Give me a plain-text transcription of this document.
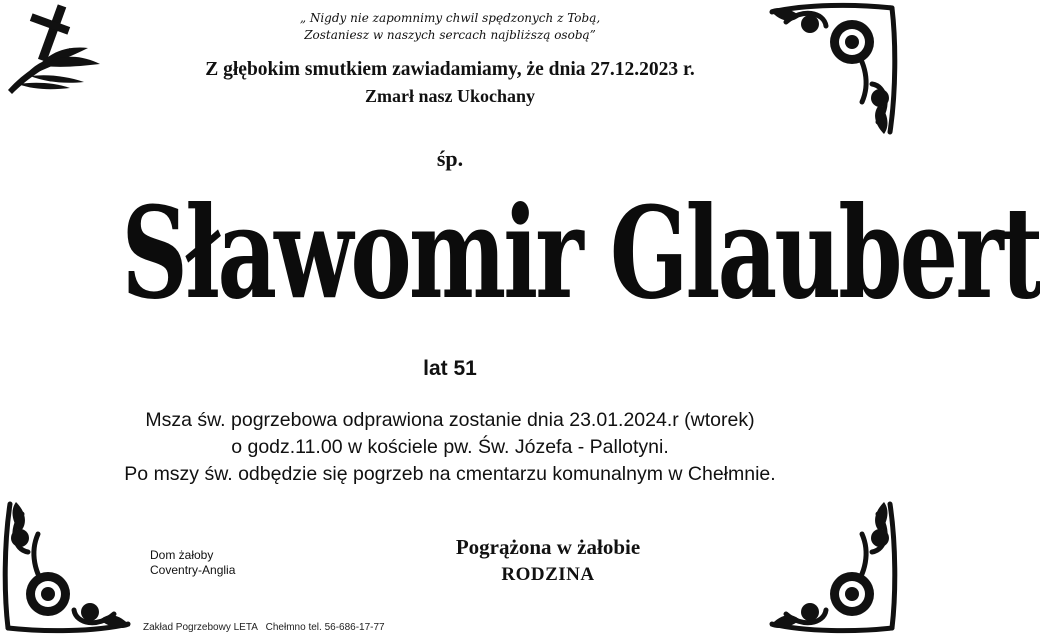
„ Nigdy nie zapomnimy chwil spędzonych z Tobą,
Zostaniesz w naszych sercach najbliższą osobą”
Z głębokim smutkiem zawiadamiamy, że dnia 27.12.2023 r.
Zmarł nasz Ukochany
śp.
Sławomir Glaubert
lat 51
Msza św. pogrzebowa odprawiona zostanie dnia 23.01.2024.r (wtorek)
o godz.11.00 w kościele pw. Św. Józefa - Pallotyni.
Po mszy św. odbędzie się pogrzeb na cmentarzu komunalnym w Chełmnie.
Dom żałoby
Coventry-Anglia
Pogrążona w żałobie
RODZINA
Zakład Pogrzebowy LETA   Chełmno tel. 56-686-17-77
